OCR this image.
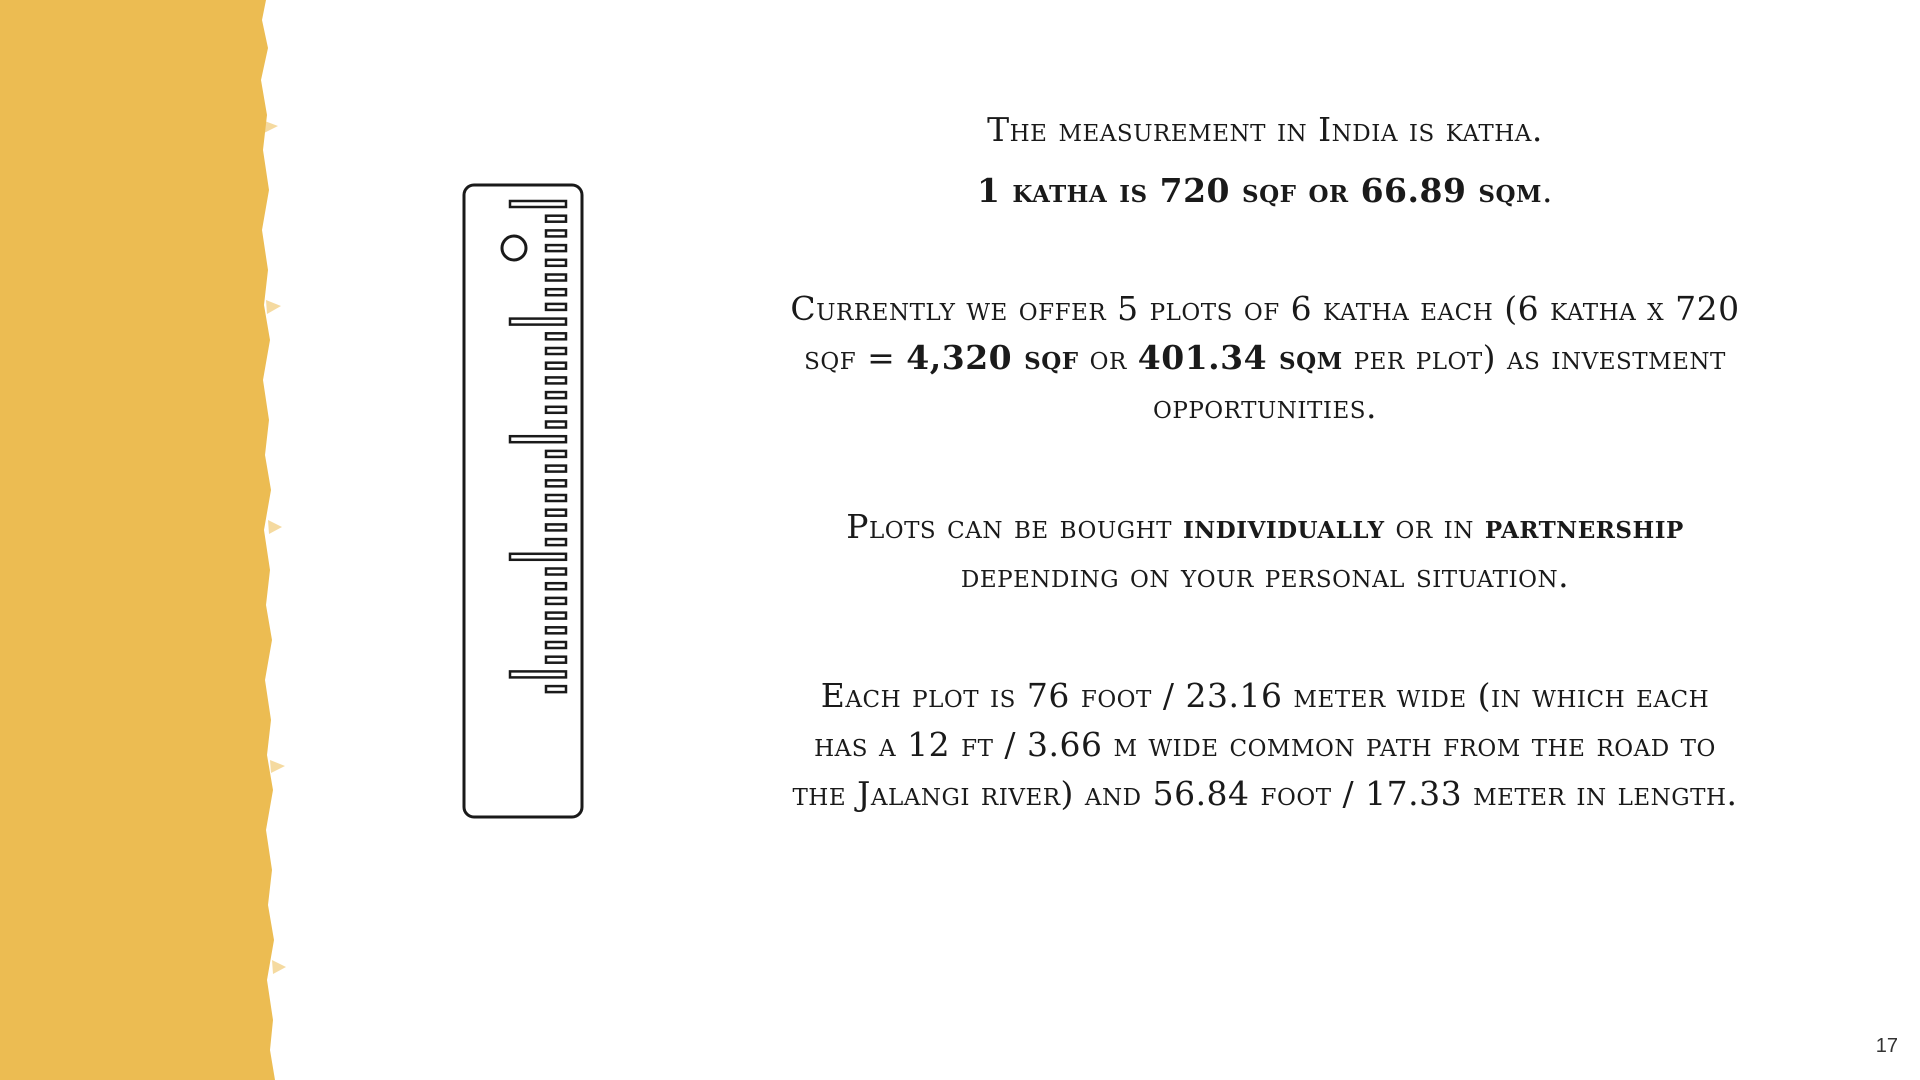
The measurement in India is katha.

1 katha is 720 sqf or 66.89 sqm.

Currently we offer 5 plots of 6 katha each (6 katha x 720 sqf = 4,320 sqf or 401.34 sqm per plot) as investment opportunities.

Plots can be bought individually or in partnership depending on your personal situation.

Each plot is 76 foot / 23.16 meter wide (in which each has a 12 ft / 3.66 m wide common path from the road to the Jalangi river) and 56.84 foot / 17.33 meter in length.

17
